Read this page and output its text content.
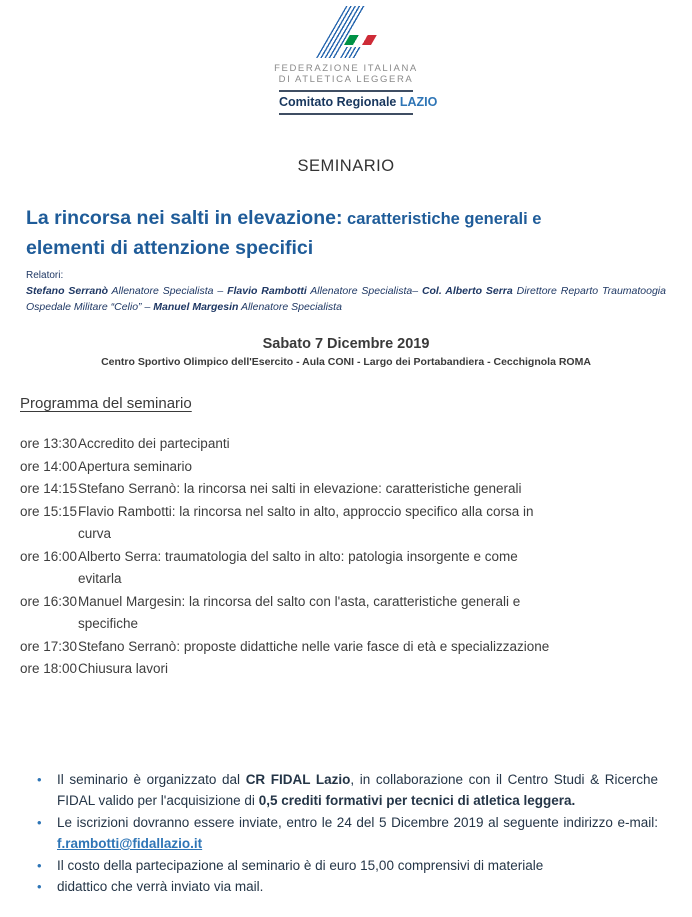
FEDERAZIONE ITALIANA
DI ATLETICA LEGGERA
Comitato Regionale LAZIO
SEMINARIO
La rincorsa nei salti in elevazione: caratteristiche generali e
elementi di attenzione specifici
Relatori:

Stefano Serranò Allenatore Specialista – Flavio Rambotti Allenatore Specialista– Col. Alberto Serra Direttore Reparto Traumatoogia Ospedale Militare “Celio” – Manuel Margesin Allenatore Specialista

Sabato 7 Dicembre 2019
Centro Sportivo Olimpico dell'Esercito - Aula CONI - Largo dei Portabandiera - Cecchignola ROMA
Programma del seminario
ore 13:30 Accredito dei partecipanti
ore 14:00 Apertura seminario
ore 14:15 Stefano Serranò: la rincorsa nei salti in elevazione: caratteristiche generali
ore 15:15 Flavio Rambotti: la rincorsa nel salto in alto, approccio specifico alla corsa in
curva
ore 16:00 Alberto Serra: traumatologia del salto in alto: patologia insorgente e come
evitarla
ore 16:30 Manuel Margesin: la rincorsa del salto con l'asta, caratteristiche generali e
specifiche
ore 17:30 Stefano Serranò: proposte didattiche nelle varie fasce di età e specializzazione
ore 18:00 Chiusura lavori
•	Il seminario è organizzato dal CR FIDAL Lazio, in collaborazione con il Centro Studi & Ricerche FIDAL valido per l'acquisizione di 0,5 crediti formativi per tecnici di atletica leggera.
•	Le iscrizioni dovranno essere inviate, entro le 24 del 5 Dicembre 2019 al seguente indirizzo e-mail: f.rambotti@fidallazio.it
•	Il costo della partecipazione al seminario è di euro 15,00 comprensivi di materiale
•	didattico che verrà inviato via mail.
